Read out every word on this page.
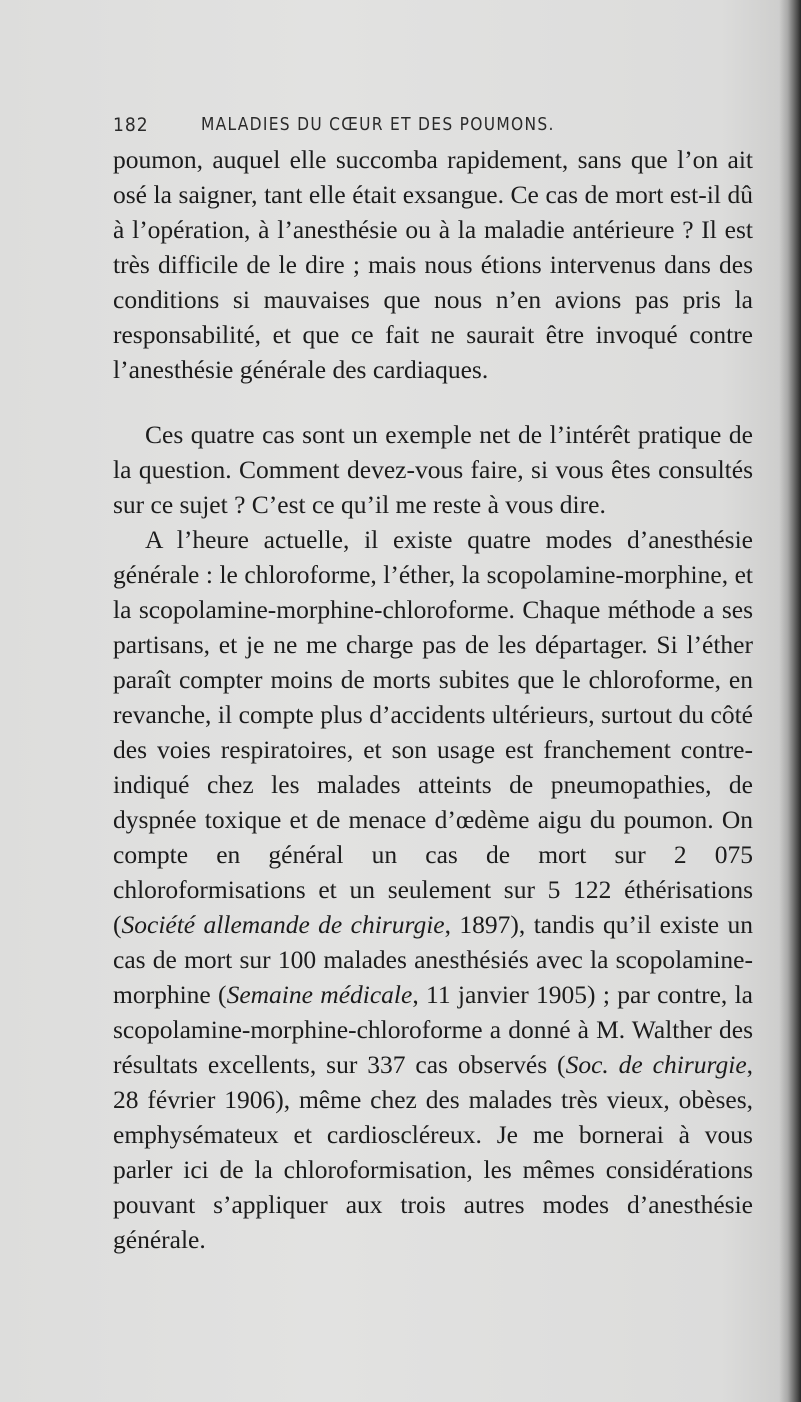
182	MALADIES DU CŒUR ET DES POUMONS.

poumon, auquel elle succomba rapidement, sans que l’on ait osé la saigner, tant elle était exsangue. Ce cas de mort est-il dû à l’opération, à l’anesthésie ou à la maladie antérieure ? Il est très difficile de le dire ; mais nous étions intervenus dans des conditions si mauvaises que nous n’en avions pas pris la responsabilité, et que ce fait ne saurait être invoqué contre l’anesthésie générale des cardiaques.

Ces quatre cas sont un exemple net de l’intérêt pratique de la question. Comment devez-vous faire, si vous êtes consultés sur ce sujet ? C’est ce qu’il me reste à vous dire.

A l’heure actuelle, il existe quatre modes d’anesthésie générale : le chloroforme, l’éther, la scopolamine-morphine, et la scopolamine-morphine-chloroforme. Chaque méthode a ses partisans, et je ne me charge pas de les départager. Si l’éther paraît compter moins de morts subites que le chloroforme, en revanche, il compte plus d’accidents ultérieurs, surtout du côté des voies respiratoires, et son usage est franchement contre-indiqué chez les malades atteints de pneumopathies, de dyspnée toxique et de menace d’œdème aigu du poumon. On compte en général un cas de mort sur 2 075 chloroformisations et un seulement sur 5 122 éthérisations (Société allemande de chirurgie, 1897), tandis qu’il existe un cas de mort sur 100 malades anesthésiés avec la scopolamine-morphine (Semaine médicale, 11 janvier 1905) ; par contre, la scopolamine-morphine-chloroforme a donné à M. Walther des résultats excellents, sur 337 cas observés (Soc. de chirurgie, 28 février 1906), même chez des malades très vieux, obèses, emphysémateux et cardioscléreux. Je me bornerai à vous parler ici de la chloroformisation, les mêmes considérations pouvant s’appliquer aux trois autres modes d’anesthésie générale.
